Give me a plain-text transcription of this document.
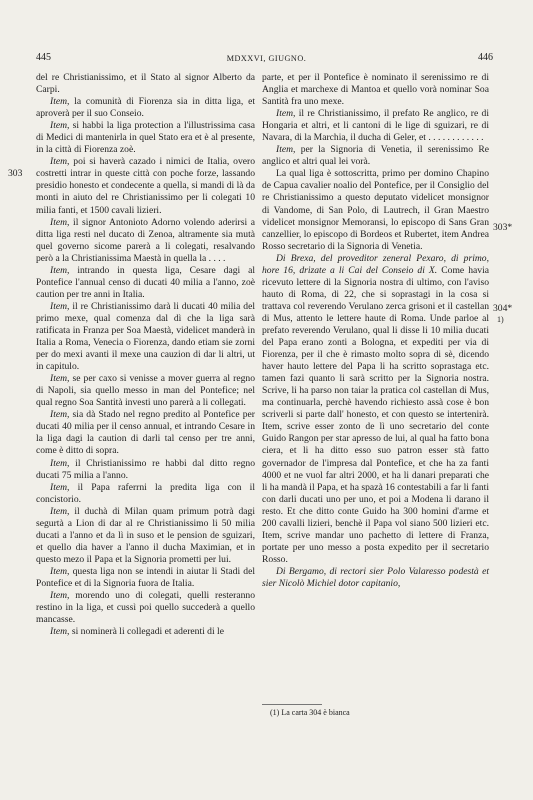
445	MDXXVI, GIUGNO.	446
303
303*
304*
1)

del re Christianissimo, et il Stato al signor Alberto da Carpi.

Item, la comunità di Fiorenza sia in ditta liga, et aproverà per il suo Conseio.

Item, si habbi la liga protection a l'illustrissima casa di Medici di mantenirla in quel Stato era et è al presente, in la città di Fiorenza zoè.

Item, poi si haverà cazado i nimici de Italia, overo costretti intrar in queste città con poche forze, lassando presidio honesto et condecente a quella, si mandi di là da monti in aiuto del re Christianissimo per li colegati 10 milia fanti, et 1500 cavali lizieri.

Item, il signor Antonioto Adorno volendo aderirsi a ditta liga resti nel ducato di Zenoa, altramente sia mutà quel governo sicome parerà a li colegati, resalvando però a la Christianissima Maestà in quella la . . . .

Item, intrando in questa liga, Cesare dagi al Pontefice l'annual censo di ducati 40 milia a l'anno, zoè caution per tre anni in Italia.

Item, il re Christianissimo darà li ducati 40 milia del primo mexe, qual comenza dal dì che la liga sarà ratificata in Franza per Soa Maestà, videlicet manderà in Italia a Roma, Venecia o Fiorenza, dando etiam sie zorni per do mexi avanti il mexe una cauzion di dar li altri, ut in capitulo.

Item, se per caxo si venisse a mover guerra al regno di Napoli, sia quello messo in man del Pontefice; nel qual regno Soa Santità investi uno parerà a li collegati.

Item, sia dà Stado nel regno predito al Pontefice per ducati 40 milia per il censo annual, et intrando Cesare in la liga dagi la caution di darli tal censo per tre anni, come è ditto di sopra.

Item, il Christianissimo re habbi dal ditto regno ducati 75 milia a l'anno.

Item, il Papa raferrni la predita liga con il concistorio.

Item, il duchà di Milan quam primum potrà dagi segurtà a Lion di dar al re Christianissimo li 50 milia ducati a l'anno et da lì in suso et le pension de sguizari, et quello dia haver a l'anno il ducha Maximian, et in questo mezo il Papa et la Signoria prometti per lui.

Item, questa liga non se intendi in aiutar li Stadi del Pontefice et di la Signoria fuora de Italia.

Item, morendo uno di colegati, quelli resteranno restino in la liga, et cussì poi quello succederà a quello mancasse.

Item, si nominerà li collegadi et aderenti di le

parte, et per il Pontefice è nominato il serenissimo re di Anglia et marchexe di Mantoa et quello vorà nominar Soa Santità fra uno mexe.

Item, il re Christianissimo, il prefato Re anglico, re di Hongaria et altri, et li cantoni di le lige di sguizari, re di Navara, di la Marchia, il ducha di Geler, et . . . . . . . . . . . .

Item, per la Signoria di Venetia, il serenissimo Re anglico et altri qual lei vorà.

La qual liga è sottoscritta, primo per domino Chapino de Capua cavalier noalio del Pontefice, per il Consiglio del re Christianissimo a questo deputato videlicet monsignor di Vandome, di San Polo, di Lautrech, il Gran Maestro videlicet monsignor Memoransi, lo episcopo di Sans Gran canzellier, lo episcopo di Bordeos et Rubertet, item Andrea Rosso secretario di la Signoria di Venetia.

Di Brexa, del proveditor zeneral Pexaro, di primo, hore 16, drizate a li Cai del Conseio di X. Come havia ricevuto lettere di la Signoria nostra di ultimo, con l'aviso hauto di Roma, di 22, che si soprastagi in la cosa si trattava col reverendo Verulano zerca grisoni et il castellan di Mus, attento le lettere haute di Roma. Unde parloe al prefato reverendo Verulano, qual li disse li 10 milia ducati del Papa erano zonti a Bologna, et expediti per via di Fiorenza, per il che è rimasto molto sopra di sè, dicendo haver hauto lettere del Papa li ha scritto soprastaga etc. tamen fazi quanto li sarà scritto per la Signoria nostra. Scrive, li ha parso non taiar la pratica col castellan di Mus, ma continuarla, perchè havendo richiesto assà cose è bon scriverli si parte dall' honesto, et con questo se intertenirà. Item, scrive esser zonto de lì uno secretario del conte Guido Rangon per star apresso de lui, al qual ha fatto bona ciera, et li ha ditto esso suo patron esser stà fatto governador de l'impresa dal Pontefice, et che ha za fanti 4000 et ne vuol far altri 2000, et ha li danari preparati che li ha mandà il Papa, et ha spazà 16 contestabili a far li fanti con darli ducati uno per uno, et poi a Modena li darano il resto. Et che ditto conte Guido ha 300 homini d'arme et 200 cavalli lizieri, benchè il Papa vol siano 500 lizieri etc. Item, scrive mandar uno pachetto di lettere di Franza, portate per uno messo a posta expedito per il secretario Rosso.

Di Bergamo, di rectori sier Polo Valaresso podestà et sier Nicolò Michiel dotor capitanio,

(1) La carta 304 è bianca
